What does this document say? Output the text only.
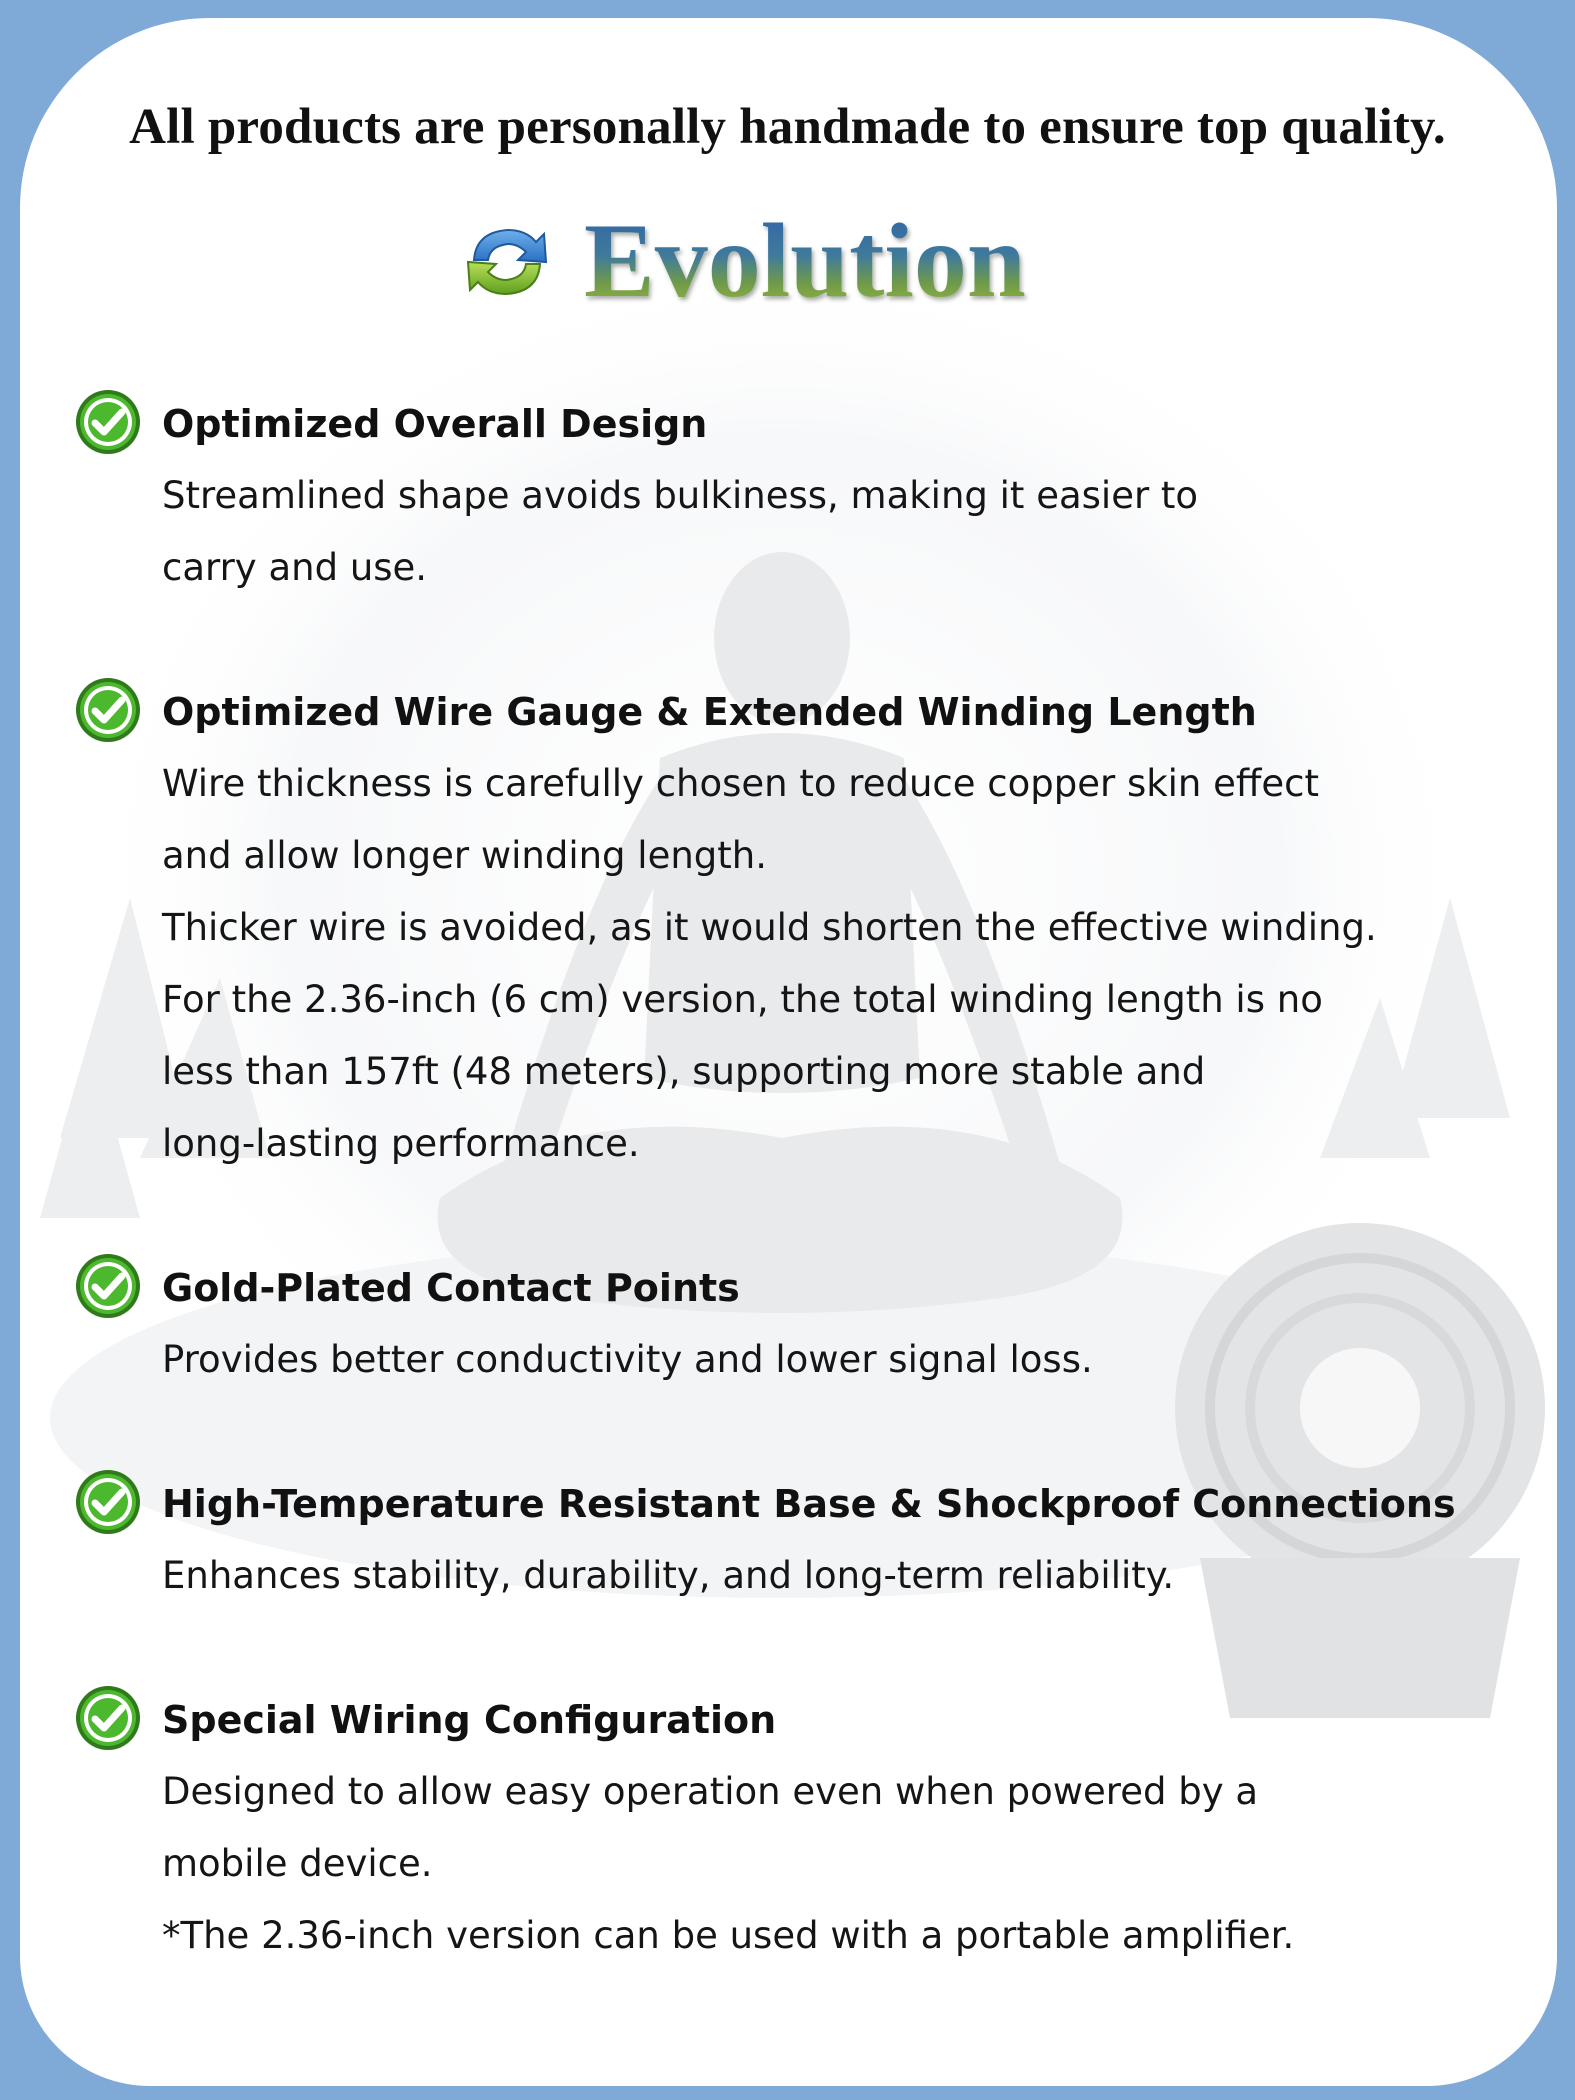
All products are personally handmade to ensure top quality.
Evolution
Optimized Overall Design
Streamlined shape avoids bulkiness, making it easier to
carry and use.
Optimized Wire Gauge & Extended Winding Length
Wire thickness is carefully chosen to reduce copper skin effect
and allow longer winding length.
Thicker wire is avoided, as it would shorten the effective winding.
For the 2.36-inch (6 cm) version, the total winding length is no
less than 157ft (48 meters), supporting more stable and
long-lasting performance.
Gold-Plated Contact Points
Provides better conductivity and lower signal loss.
High-Temperature Resistant Base & Shockproof Connections
Enhances stability, durability, and long-term reliability.
Special Wiring Configuration
Designed to allow easy operation even when powered by a
mobile device.
*The 2.36-inch version can be used with a portable amplifier.
